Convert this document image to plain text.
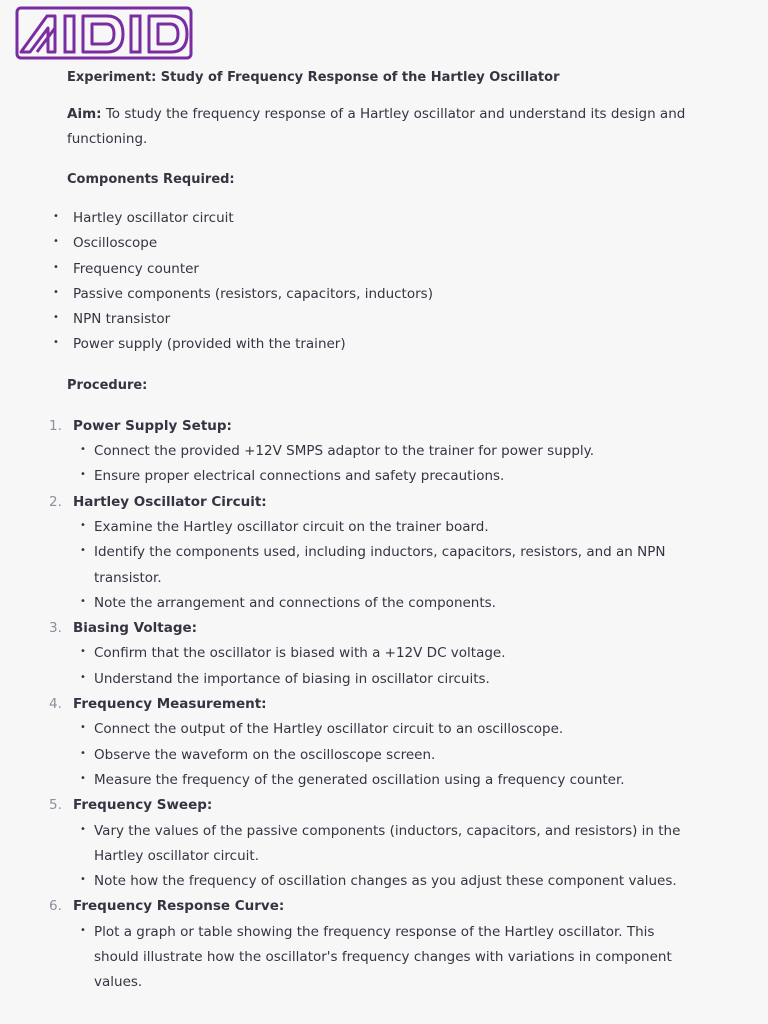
Experiment: Study of Frequency Response of the Hartley Oscillator
Aim: To study the frequency response of a Hartley oscillator and understand its design and functioning.
Components Required:
• Hartley oscillator circuit
• Oscilloscope
• Frequency counter
• Passive components (resistors, capacitors, inductors)
• NPN transistor
• Power supply (provided with the trainer)
Procedure:
1. Power Supply Setup:
• Connect the provided +12V SMPS adaptor to the trainer for power supply.
• Ensure proper electrical connections and safety precautions.
2. Hartley Oscillator Circuit:
• Examine the Hartley oscillator circuit on the trainer board.
• Identify the components used, including inductors, capacitors, resistors, and an NPN transistor.
• Note the arrangement and connections of the components.
3. Biasing Voltage:
• Confirm that the oscillator is biased with a +12V DC voltage.
• Understand the importance of biasing in oscillator circuits.
4. Frequency Measurement:
• Connect the output of the Hartley oscillator circuit to an oscilloscope.
• Observe the waveform on the oscilloscope screen.
• Measure the frequency of the generated oscillation using a frequency counter.
5. Frequency Sweep:
• Vary the values of the passive components (inductors, capacitors, and resistors) in the Hartley oscillator circuit.
• Note how the frequency of oscillation changes as you adjust these component values.
6. Frequency Response Curve:
• Plot a graph or table showing the frequency response of the Hartley oscillator. This should illustrate how the oscillator's frequency changes with variations in component values.
